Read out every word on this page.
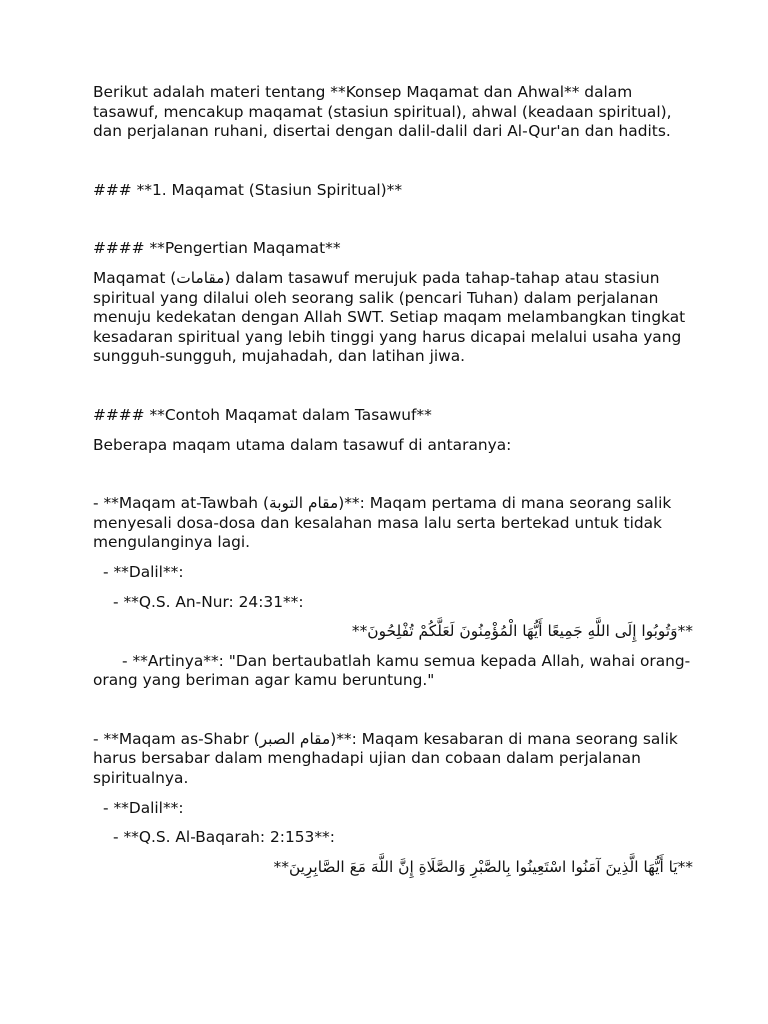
Berikut adalah materi tentang **Konsep Maqamat dan Ahwal** dalam tasawuf, mencakup maqamat (stasiun spiritual), ahwal (keadaan spiritual), dan perjalanan ruhani, disertai dengan dalil-dalil dari Al-Qur'an dan hadits.

### **1. Maqamat (Stasiun Spiritual)**

#### **Pengertian Maqamat**

Maqamat (مقامات) dalam tasawuf merujuk pada tahap-tahap atau stasiun spiritual yang dilalui oleh seorang salik (pencari Tuhan) dalam perjalanan menuju kedekatan dengan Allah SWT. Setiap maqam melambangkan tingkat kesadaran spiritual yang lebih tinggi yang harus dicapai melalui usaha yang sungguh-sungguh, mujahadah, dan latihan jiwa.

#### **Contoh Maqamat dalam Tasawuf**

Beberapa maqam utama dalam tasawuf di antaranya:

- **Maqam at-Tawbah (مقام التوبة)**: Maqam pertama di mana seorang salik menyesali dosa-dosa dan kesalahan masa lalu serta bertekad untuk tidak mengulanginya lagi.

- **Dalil**:

- **Q.S. An-Nur: 24:31**:

**وَتُوبُوا إِلَى اللَّهِ جَمِيعًا أَيُّهَا الْمُؤْمِنُونَ لَعَلَّكُمْ تُفْلِحُونَ**

- **Artinya**: "Dan bertaubatlah kamu semua kepada Allah, wahai orang-orang yang beriman agar kamu beruntung."

- **Maqam as-Shabr (مقام الصبر)**: Maqam kesabaran di mana seorang salik harus bersabar dalam menghadapi ujian dan cobaan dalam perjalanan spiritualnya.

- **Dalil**:

- **Q.S. Al-Baqarah: 2:153**:

**يَا أَيُّهَا الَّذِينَ آمَنُوا اسْتَعِينُوا بِالصَّبْرِ وَالصَّلَاةِ إِنَّ اللَّهَ مَعَ الصَّابِرِينَ**
